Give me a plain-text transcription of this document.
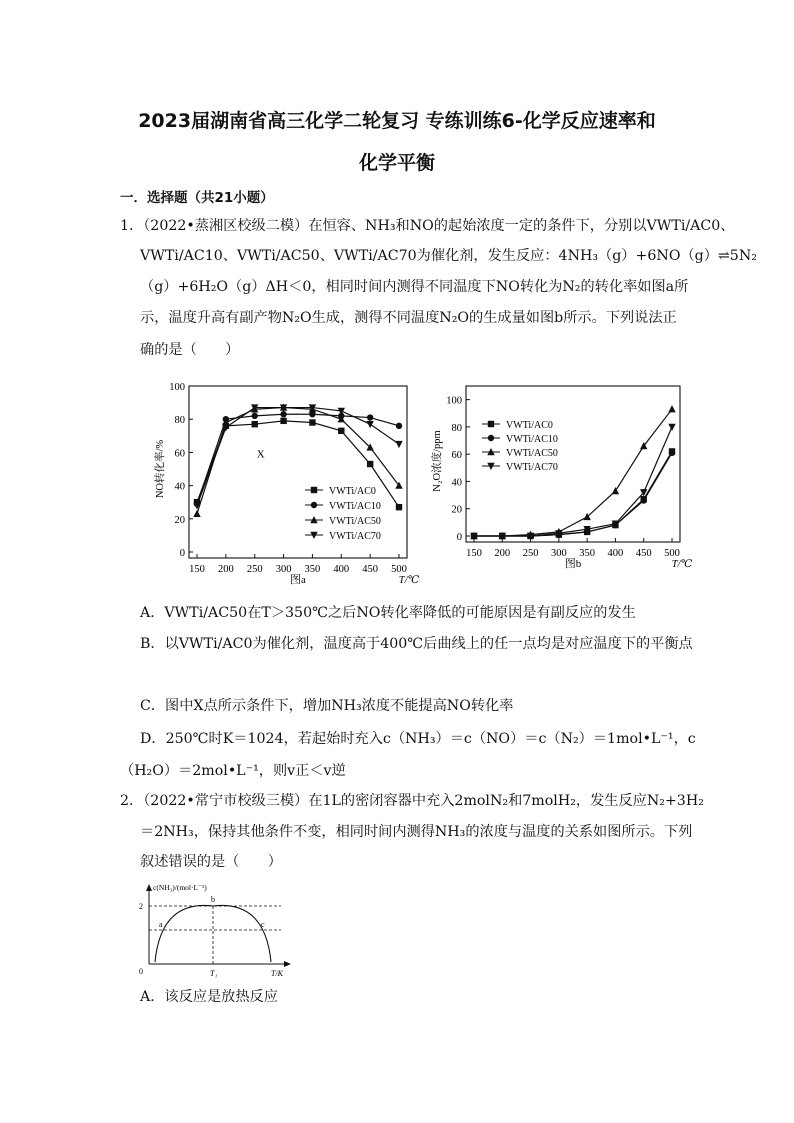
2023届湖南省高三化学二轮复习 专练训练6-化学反应速率和
化学平衡
一．选择题（共21小题）
1．（2022•蒸湘区校级二模）在恒容、NH₃和NO的起始浓度一定的条件下，分别以VWTi/AC0、
VWTi/AC10、VWTi/AC50、VWTi/AC70为催化剂，发生反应：4NH₃（g）+6NO（g）⇌5N₂
（g）+6H₂O（g）ΔH＜0，相同时间内测得不同温度下NO转化为N₂的转化率如图a所
示，温度升高有副产物N₂O生成，测得不同温度N₂O的生成量如图b所示。下列说法正
确的是（　　）
0
20
40
60
80
100
150 200 250 300 350 400 450 500
T/℃
图a
NO转化率/%	X
VWTi/AC0
VWTi/AC10
VWTi/AC50
VWTi/AC70	0
20
40
60
80
100
150 200 250 300 350 400 450 500
T/℃
图b
N₂O浓度/ppm
VWTi/AC0
VWTi/AC10
VWTi/AC50
VWTi/AC70
A．VWTi/AC50在T＞350℃之后NO转化率降低的可能原因是有副反应的发生
B．以VWTi/AC0为催化剂，温度高于400℃后曲线上的任一点均是对应温度下的平衡点
C．图中X点所示条件下，增加NH₃浓度不能提高NO转化率
D．250℃时K＝1024，若起始时充入c（NH₃）＝c（NO）＝c（N₂）＝1mol•L⁻¹，c
（H₂O）＝2mol•L⁻¹，则v正＜v逆
2．（2022•常宁市校级三模）在1L的密闭容器中充入2molN₂和7molH₂，发生反应N₂+3H₂
＝2NH₃，保持其他条件不变，相同时间内测得NH₃的浓度与温度的关系如图所示。下列
叙述错误的是（　　）
c(NH₃)/(mol·L⁻¹)
T/K
0
2
T₁
a
b
c
A．该反应是放热反应
